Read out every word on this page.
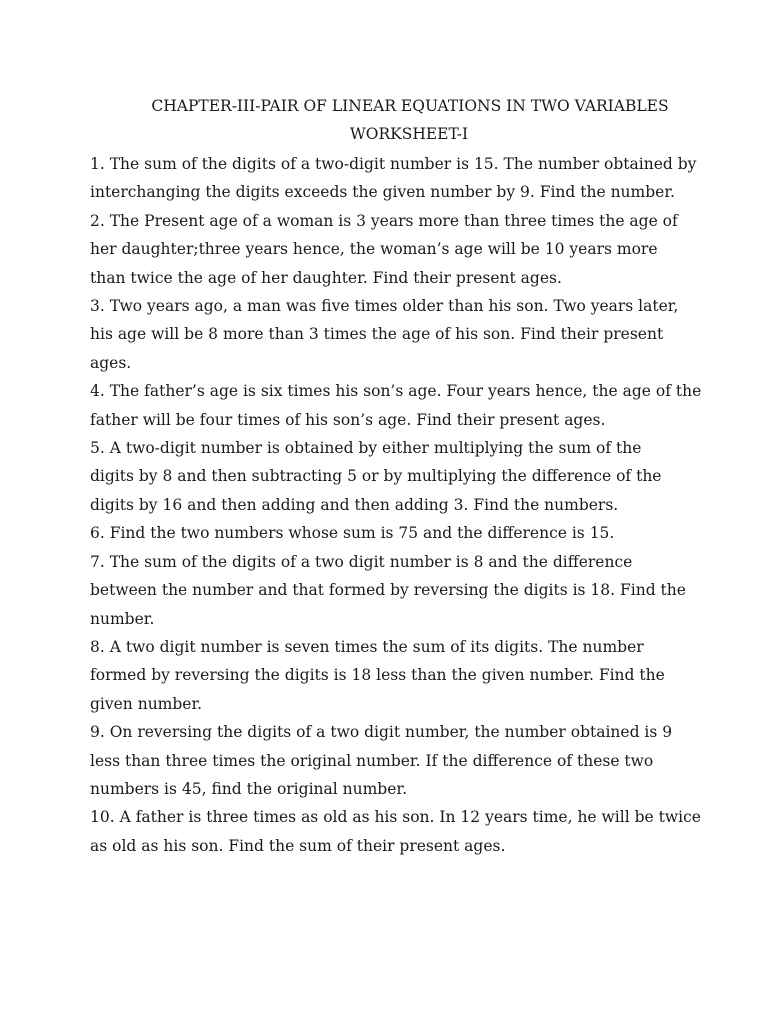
CHAPTER-III-PAIR OF LINEAR EQUATIONS IN TWO VARIABLES
WORKSHEET-I
1. The sum of the digits of a two-digit number is 15. The number obtained by
interchanging the digits exceeds the given number by 9. Find the number.
2. The Present age of a woman is 3 years more than three times the age of
her daughter;three years hence, the woman’s age will be 10 years more
than twice the age of her daughter. Find their present ages.
3. Two years ago, a man was five times older than his son. Two years later,
his age will be 8 more than 3 times the age of his son. Find their present
ages.
4. The father’s age is six times his son’s age. Four years hence, the age of the
father will be four times of his son’s age. Find their present ages.
5. A two-digit number is obtained by either multiplying the sum of the
digits by 8 and then subtracting 5 or by multiplying the difference of the
digits by 16 and then adding and then adding 3. Find the numbers.
6. Find the two numbers whose sum is 75 and the difference is 15.
7. The sum of the digits of a two digit number is 8 and the difference
between the number and that formed by reversing the digits is 18. Find the
number.
8. A two digit number is seven times the sum of its digits. The number
formed by reversing the digits is 18 less than the given number. Find the
given number.
9. On reversing the digits of a two digit number, the number obtained is 9
less than three times the original number. If the difference of these two
numbers is 45, find the original number.
10. A father is three times as old as his son. In 12 years time, he will be twice
as old as his son. Find the sum of their present ages.
